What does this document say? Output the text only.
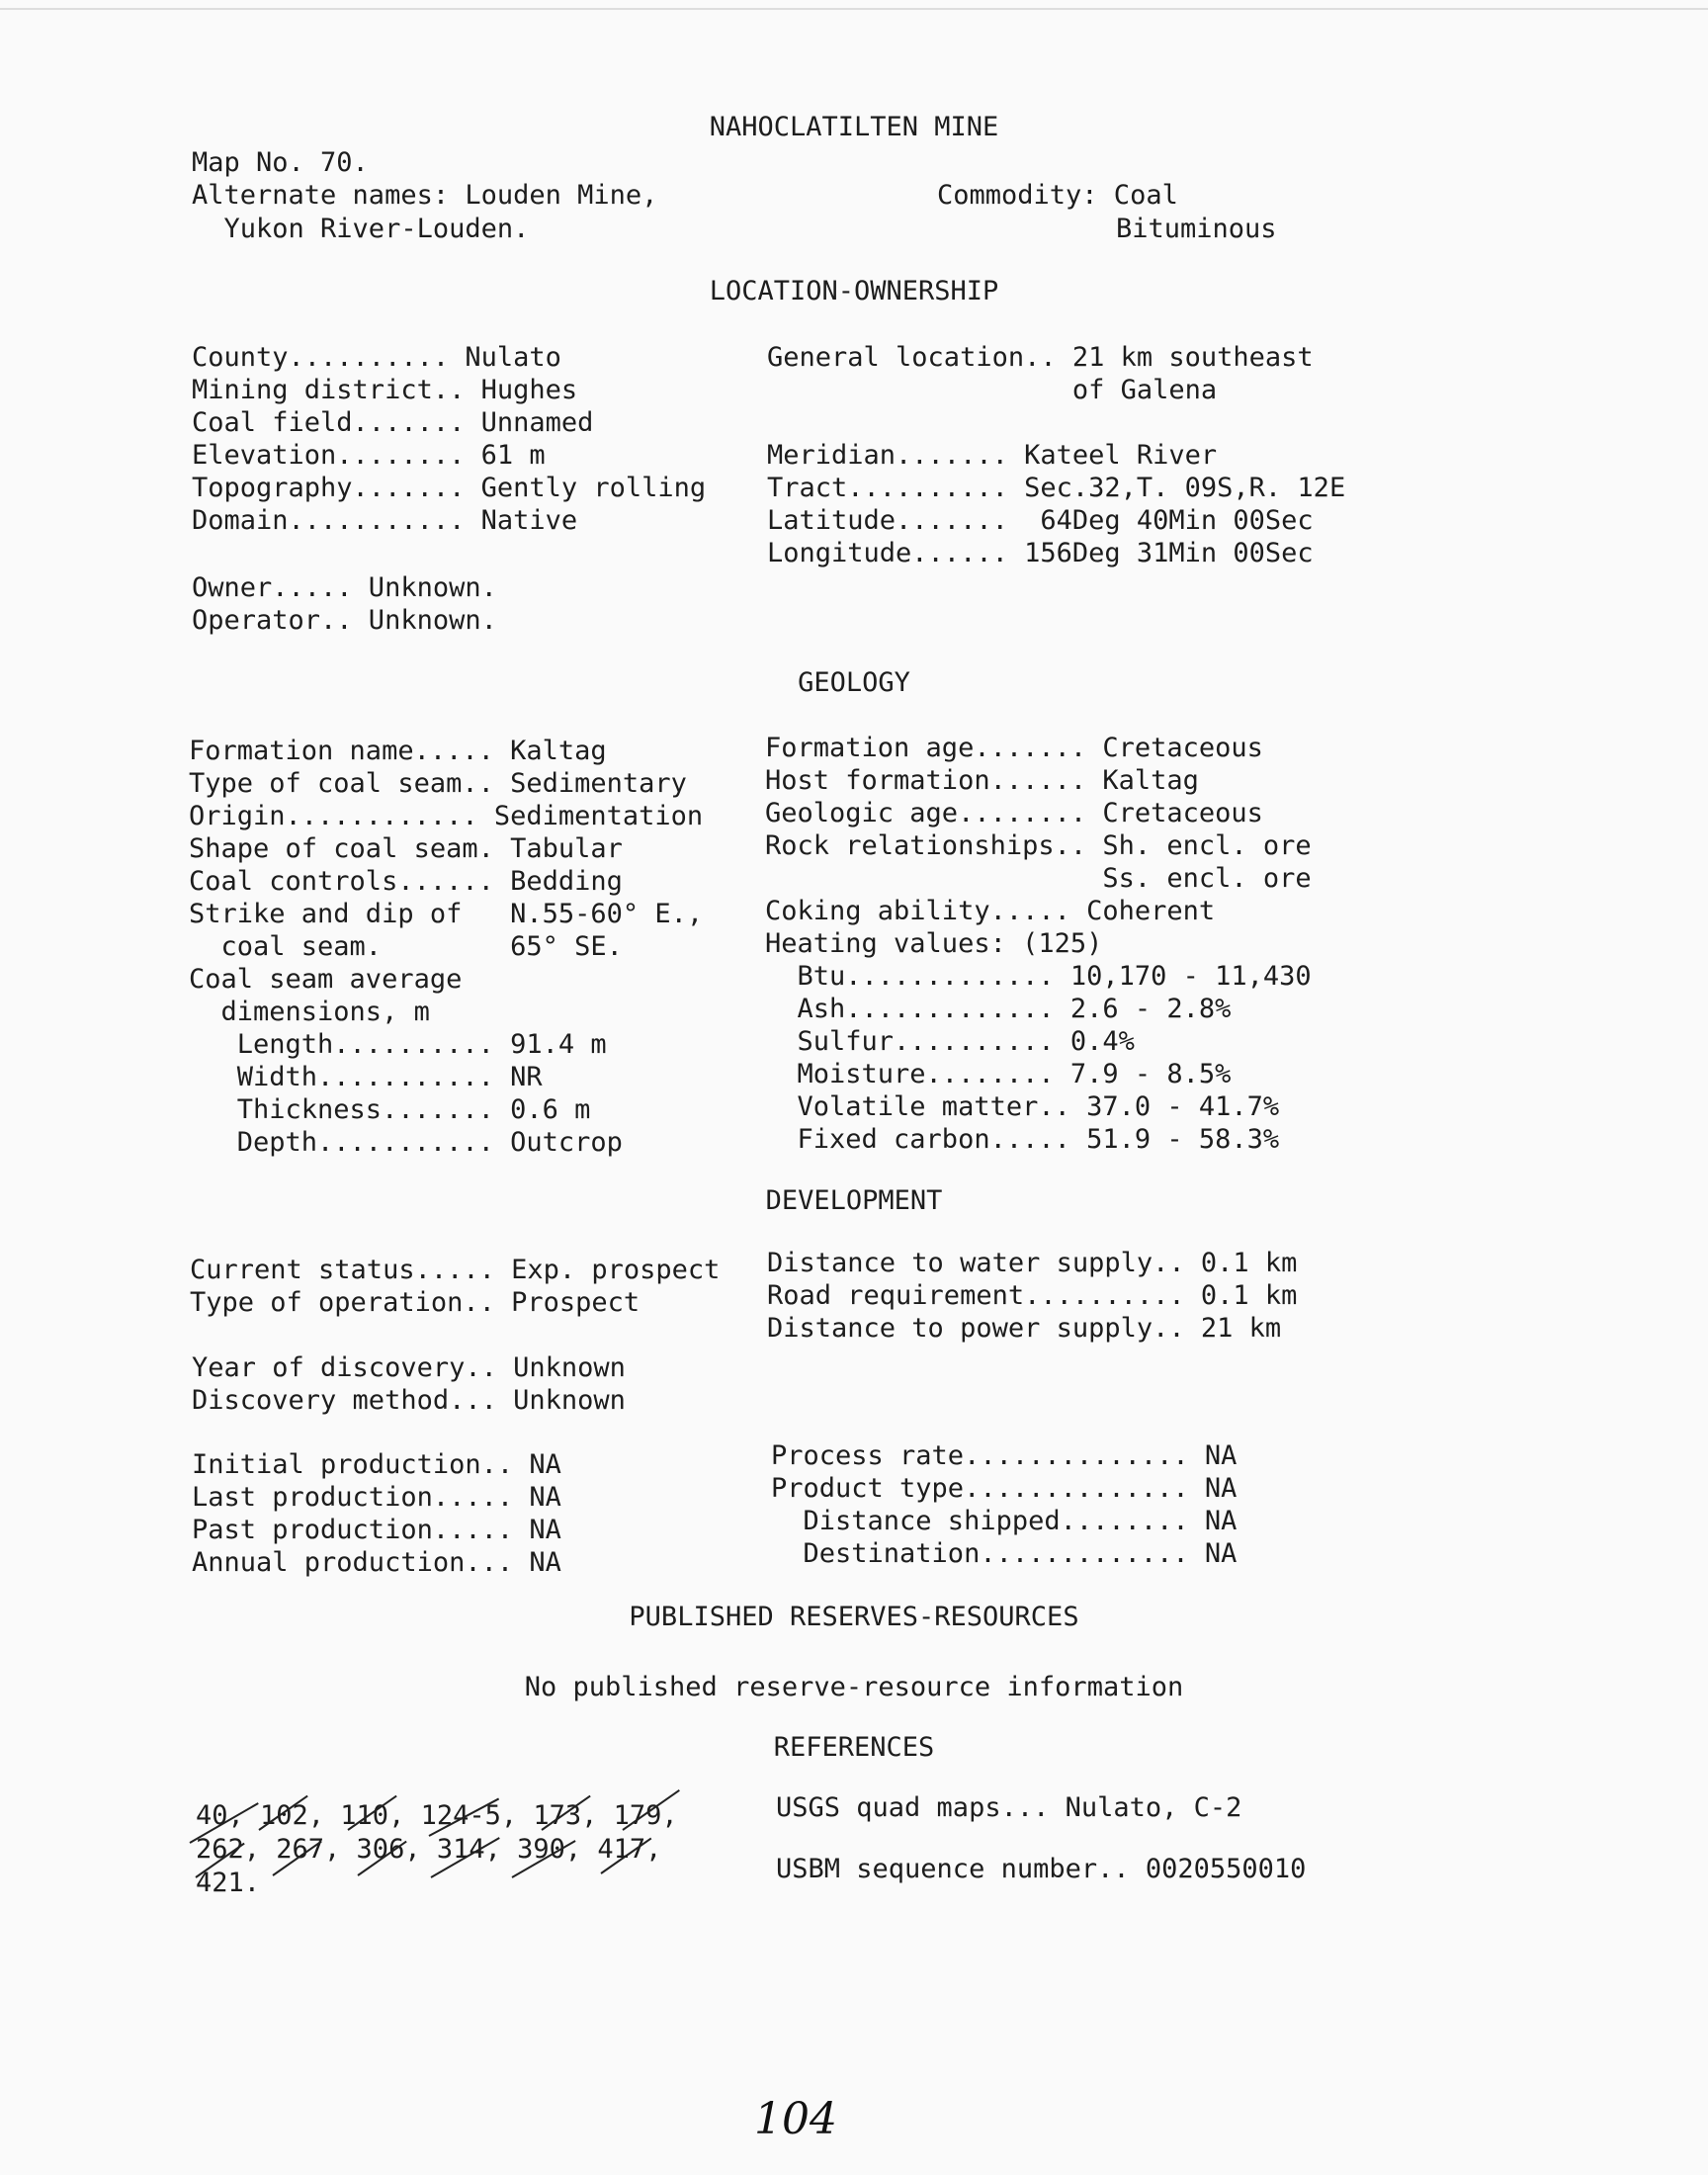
NAHOCLATILTEN MINE
Map No. 70.
Alternate names: Louden Mine,
Yukon River-Louden.
Commodity: Coal
Bituminous
LOCATION-OWNERSHIP
County.......... Nulato
Mining district.. Hughes
Coal field....... Unnamed
Elevation........ 61 m
Topography....... Gently rolling
Domain........... Native
General location.. 21 km southeast
of Galena
Meridian....... Kateel River
Tract.......... Sec.32,T. 09S,R. 12E
Latitude.......  64Deg 40Min 00Sec
Longitude...... 156Deg 31Min 00Sec
Owner..... Unknown.
Operator.. Unknown.
GEOLOGY
Formation name..... Kaltag
Type of coal seam.. Sedimentary
Origin............ Sedimentation
Shape of coal seam. Tabular
Coal controls...... Bedding
Strike and dip of   N.55-60° E.,
coal seam.        65° SE.
Coal seam average
dimensions, m
Length.......... 91.4 m
Width........... NR
Thickness....... 0.6 m
Depth........... Outcrop
Formation age....... Cretaceous
Host formation...... Kaltag
Geologic age........ Cretaceous
Rock relationships.. Sh. encl. ore
Ss. encl. ore
Coking ability..... Coherent
Heating values: (125)
Btu............. 10,170 - 11,430
Ash............. 2.6 - 2.8%
Sulfur.......... 0.4%
Moisture........ 7.9 - 8.5%
Volatile matter.. 37.0 - 41.7%
Fixed carbon..... 51.9 - 58.3%
DEVELOPMENT
Current status..... Exp. prospect
Type of operation.. Prospect
Distance to water supply.. 0.1 km
Road requirement.......... 0.1 km
Distance to power supply.. 21 km
Year of discovery.. Unknown
Discovery method... Unknown
Initial production.. NA
Last production..... NA
Past production..... NA
Annual production... NA
Process rate.............. NA
Product type.............. NA
Distance shipped........ NA
Destination............. NA
PUBLISHED RESERVES-RESOURCES
No published reserve-resource information
REFERENCES
40, 102, 110, 124-5, 173, 179,
262, 267, 306, 314, 390, 417,
421.
USGS quad maps... Nulato, C-2
USBM sequence number.. 0020550010
104
